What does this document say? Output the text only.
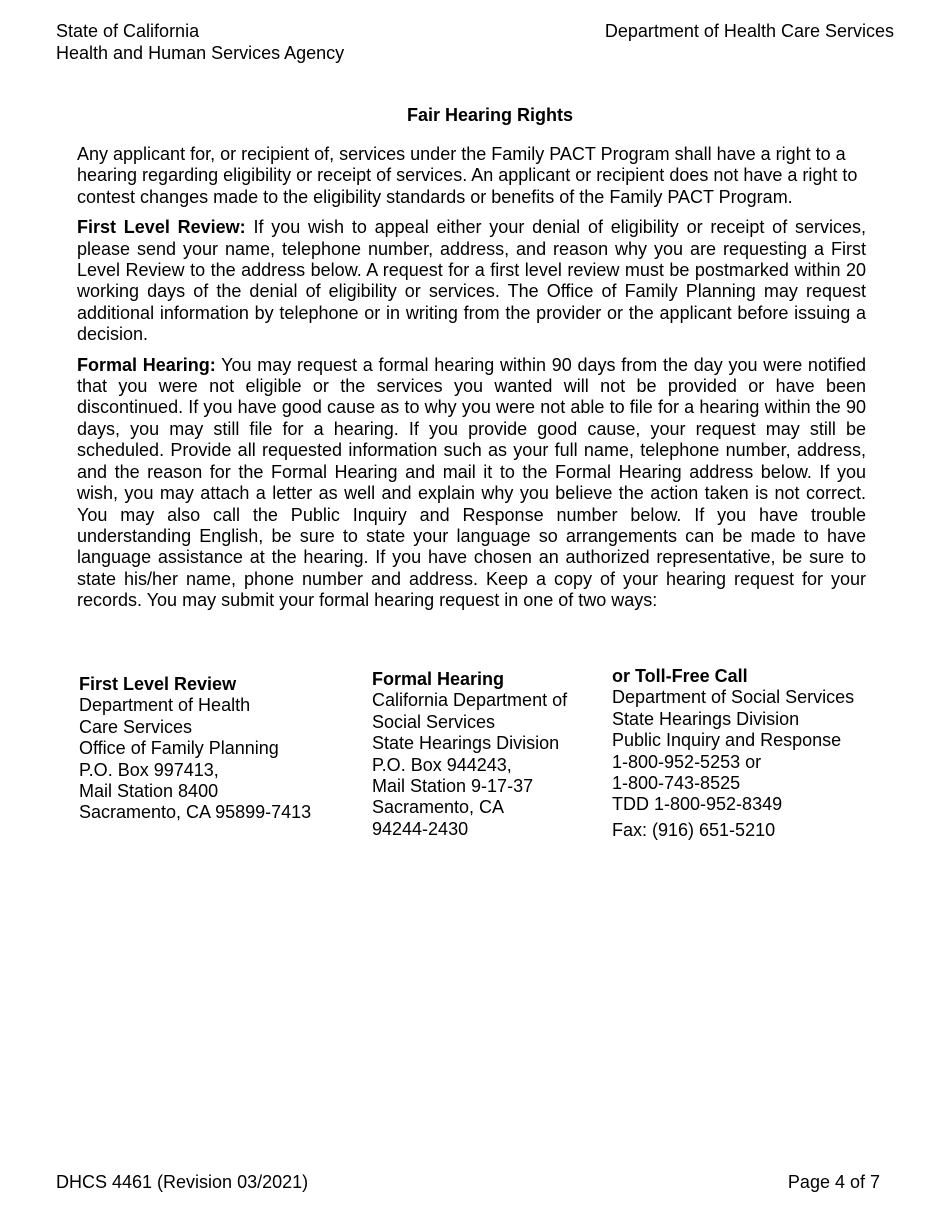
State of California
Health and Human Services Agency
Department of Health Care Services
Fair Hearing Rights

Any applicant for, or recipient of, services under the Family PACT Program shall have a right to a hearing regarding eligibility or receipt of services. An applicant or recipient does not have a right to contest changes made to the eligibility standards or benefits of the Family PACT Program.

First Level Review: If you wish to appeal either your denial of eligibility or receipt of services, please send your name, telephone number, address, and reason why you are requesting a First Level Review to the address below. A request for a first level review must be postmarked within 20 working days of the denial of eligibility or services. The Office of Family Planning may request additional information by telephone or in writing from the provider or the applicant before issuing a decision.

Formal Hearing: You may request a formal hearing within 90 days from the day you were notified that you were not eligible or the services you wanted will not be provided or have been discontinued. If you have good cause as to why you were not able to file for a hearing within the 90 days, you may still file for a hearing. If you provide good cause, your request may still be scheduled. Provide all requested information such as your full name, telephone number, address, and the reason for the Formal Hearing and mail it to the Formal Hearing address below. If you wish, you may attach a letter as well and explain why you believe the action taken is not correct. You may also call the Public Inquiry and Response number below. If you have trouble understanding English, be sure to state your language so arrangements can be made to have language assistance at the hearing. If you have chosen an authorized representative, be sure to state his/her name, phone number and address. Keep a copy of your hearing request for your records. You may submit your formal hearing request in one of two ways:

First Level Review
Department of Health
Care Services
Office of Family Planning
P.O. Box 997413,
Mail Station 8400
Sacramento, CA 95899-7413
Formal Hearing
California Department of
Social Services
State Hearings Division
P.O. Box 944243,
Mail Station 9-17-37
Sacramento, CA
94244-2430
or Toll-Free Call
Department of Social Services
State Hearings Division
Public Inquiry and Response
1-800-952-5253 or
1-800-743-8525
TDD 1-800-952-8349
Fax: (916) 651-5210
DHCS 4461 (Revision 03/2021)	Page 4 of 7
